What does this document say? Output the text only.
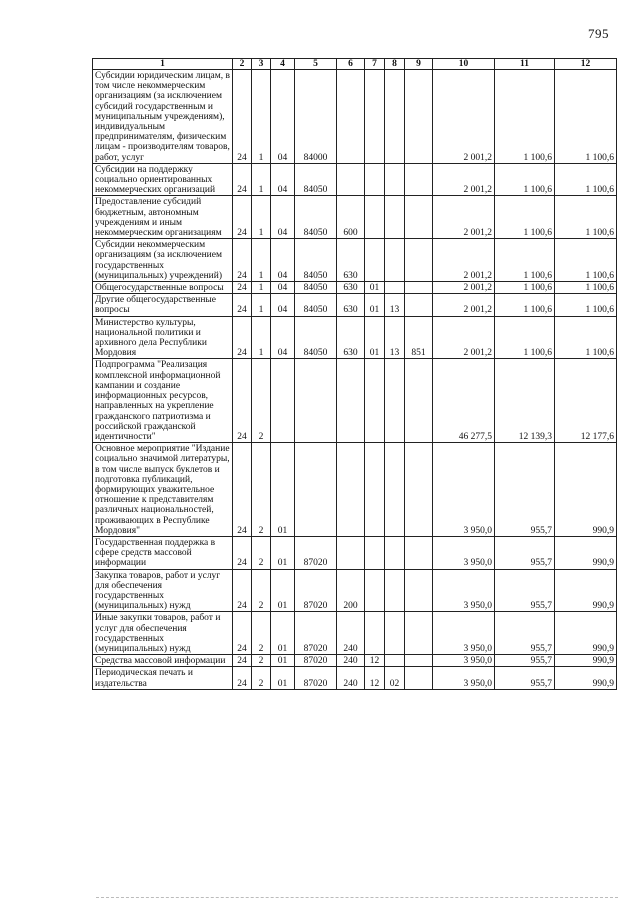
795
1	2	3	4	5	6	7	8	9	10	11	12
Субсидии юридическим лицам, в том числе некоммерческим организациям (за исключением субсидий государственным и муниципальным учреждениям), индивидуальным предпринимателям, физическим лицам - производителям товаров, работ, услуг	24	1	04	84000					2 001,2	1 100,6	1 100,6
Субсидии на поддержку социально ориентированных некоммерческих организаций	24	1	04	84050					2 001,2	1 100,6	1 100,6
Предоставление субсидий бюджетным, автономным учреждениям и иным некоммерческим организациям	24	1	04	84050	600				2 001,2	1 100,6	1 100,6
Субсидии некоммерческим организациям (за исключением государственных (муниципальных) учреждений)	24	1	04	84050	630				2 001,2	1 100,6	1 100,6
Общегосударственные вопросы	24	1	04	84050	630	01			2 001,2	1 100,6	1 100,6
Другие общегосударственные вопросы	24	1	04	84050	630	01	13		2 001,2	1 100,6	1 100,6
Министерство культуры, национальной политики и архивного дела Республики Мордовия	24	1	04	84050	630	01	13	851	2 001,2	1 100,6	1 100,6
Подпрограмма "Реализация комплексной информационной кампании и создание информационных ресурсов, направленных на укрепление гражданского патриотизма и российской гражданской идентичности"	24	2							46 277,5	12 139,3	12 177,6
Основное мероприятие "Издание социально значимой литературы, в том числе выпуск буклетов и подготовка публикаций, формирующих уважительное отношение к представителям различных национальностей, проживающих в Республике Мордовия"	24	2	01						3 950,0	955,7	990,9
Государственная поддержка в сфере средств массовой информации	24	2	01	87020					3 950,0	955,7	990,9
Закупка товаров, работ и услуг для обеспечения государственных (муниципальных) нужд	24	2	01	87020	200				3 950,0	955,7	990,9
Иные закупки товаров, работ и услуг для обеспечения государственных (муниципальных) нужд	24	2	01	87020	240				3 950,0	955,7	990,9
Средства массовой информации	24	2	01	87020	240	12			3 950,0	955,7	990,9
Периодическая печать и издательства	24	2	01	87020	240	12	02		3 950,0	955,7	990,9
